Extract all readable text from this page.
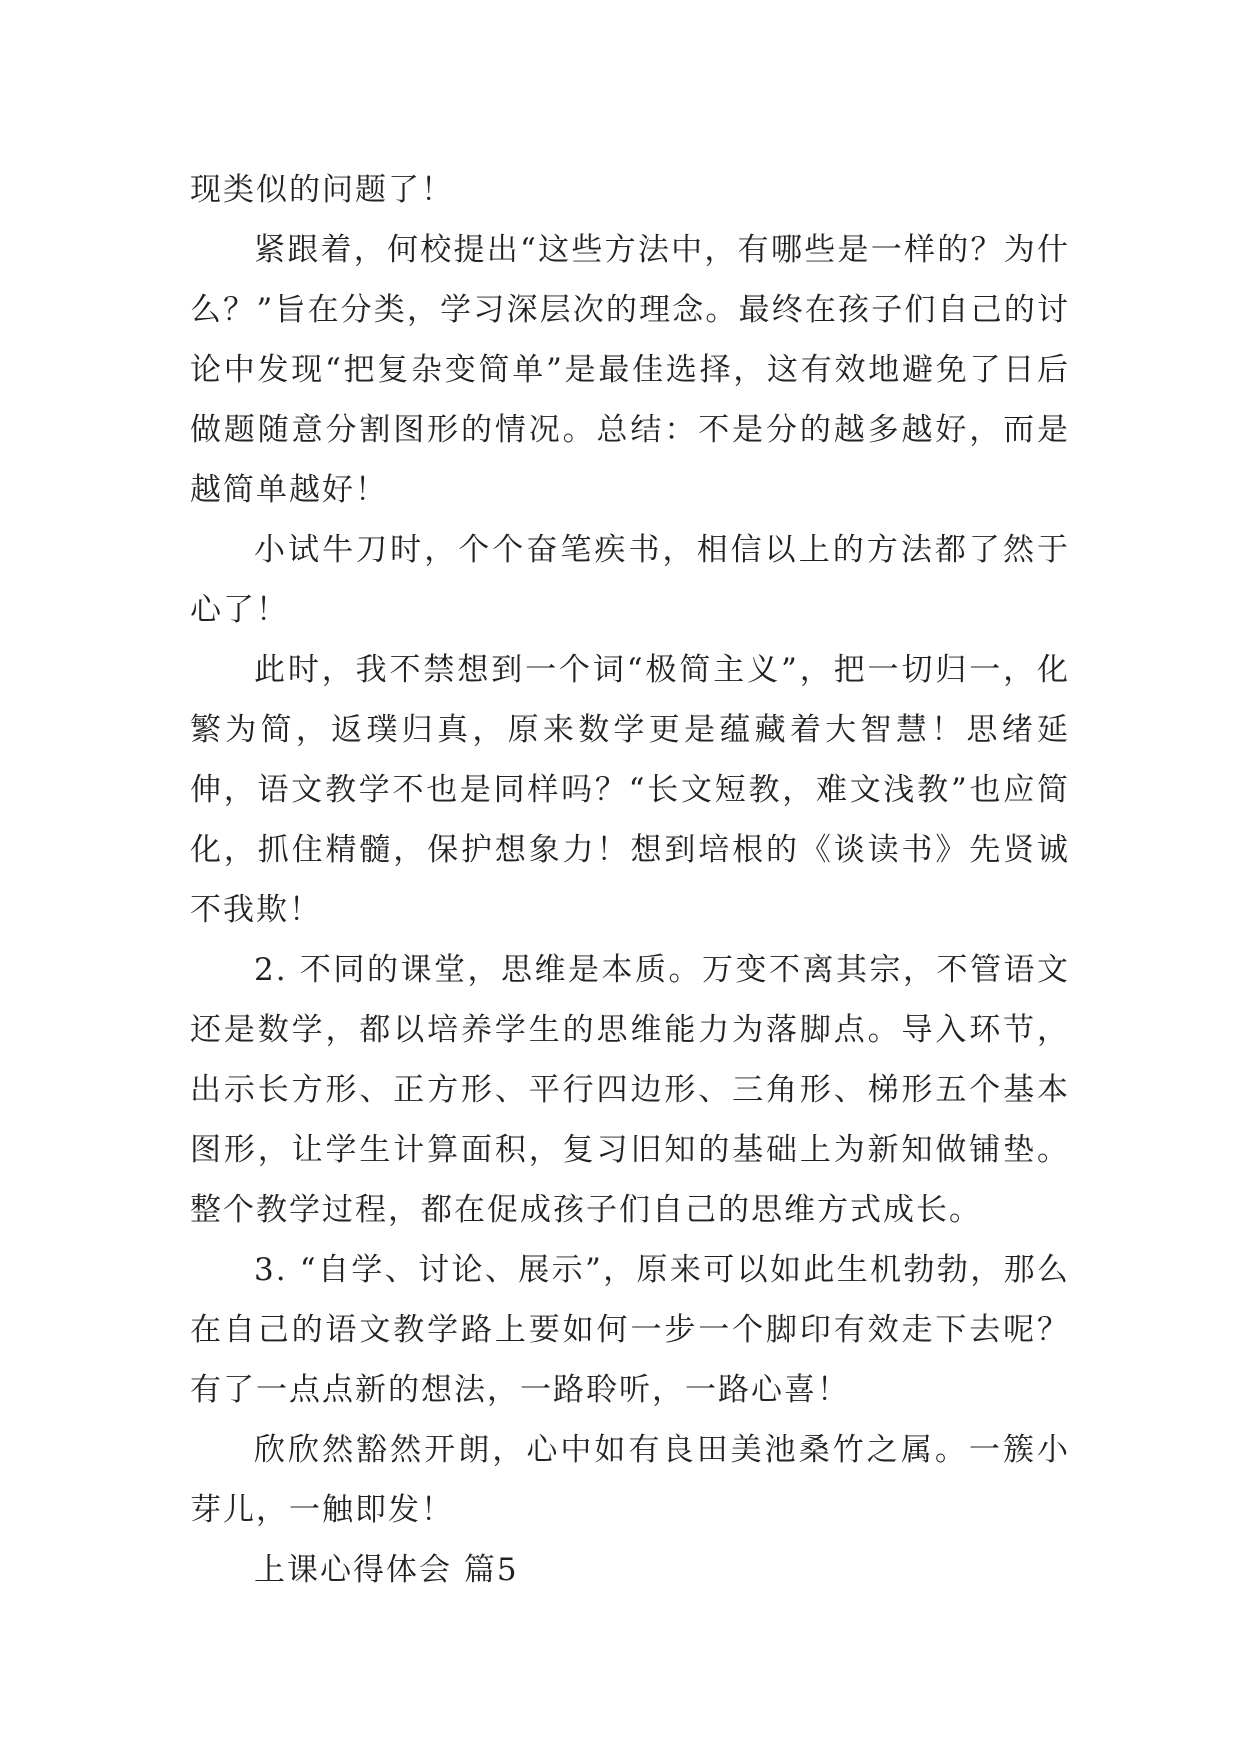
现类似的问题了！

紧跟着，何校提出“这些方法中，有哪些是一样的？为什么？”旨在分类，学习深层次的理念。最终在孩子们自己的讨论中发现“把复杂变简单”是最佳选择，这有效地避免了日后做题随意分割图形的情况。总结：不是分的越多越好，而是越简单越好！

小试牛刀时，个个奋笔疾书，相信以上的方法都了然于心了！

此时，我不禁想到一个词“极简主义”，把一切归一，化繁为简，返璞归真，原来数学更是蕴藏着大智慧！思绪延伸，语文教学不也是同样吗？“长文短教，难文浅教”也应简化，抓住精髓，保护想象力！想到培根的《谈读书》先贤诚不我欺！

2. 不同的课堂，思维是本质。万变不离其宗，不管语文还是数学，都以培养学生的思维能力为落脚点。导入环节，出示长方形、正方形、平行四边形、三角形、梯形五个基本图形，让学生计算面积，复习旧知的基础上为新知做铺垫。整个教学过程，都在促成孩子们自己的思维方式成长。

3. “自学、讨论、展示”，原来可以如此生机勃勃，那么在自己的语文教学路上要如何一步一个脚印有效走下去呢？有了一点点新的想法，一路聆听，一路心喜！

欣欣然豁然开朗，心中如有良田美池桑竹之属。一簇小芽儿，一触即发！

上课心得体会 篇5
